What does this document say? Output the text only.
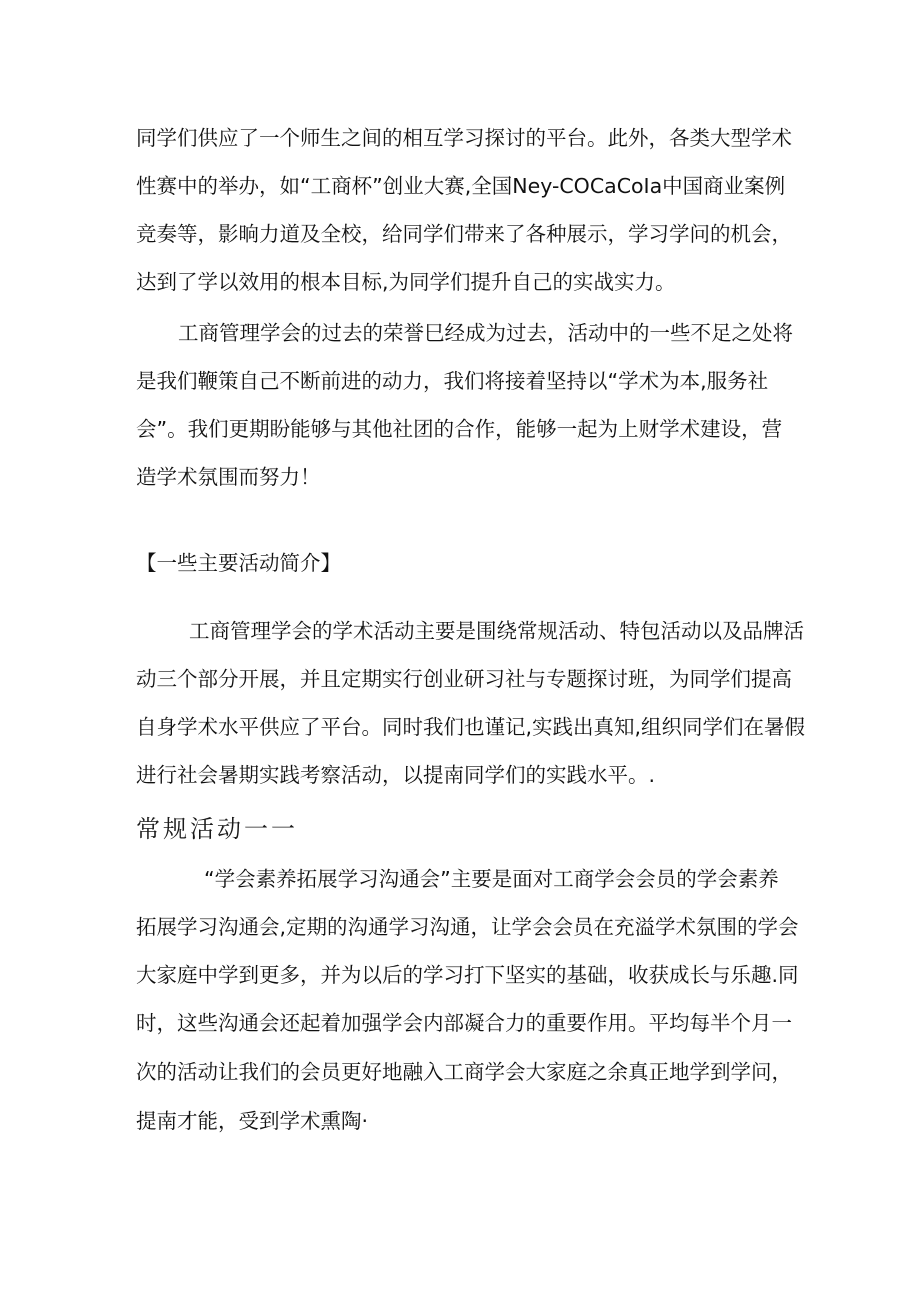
同学们供应了一个师生之间的相互学习探讨的平台。此外，各类大型学术
性赛中的举办，如“工商杯”创业大赛,全国Ney-COCaCoIa中国商业案例
竞奏等，影晌力道及全校，给同学们带来了各种展示，学习学问的机会，
达到了学以效用的根本目标,为同学们提升自己的实战实力。
工商管理学会的过去的荣誉巳经成为过去，活动中的一些不足之处将
是我们鞭策自己不断前进的动力，我们将接着坚持以“学术为本,服务社
会”。我们更期盼能够与其他社团的合作，能够一起为上财学术建设，营
造学术氛围而努力！
【一些主要活动简介】
工商管理学会的学术活动主要是围绕常规活动、特包活动以及品牌活
动三个部分开展，并且定期实行创业研习社与专题探讨班，为同学们提高
自身学术水平供应了平台。同时我们也谨记,实践出真知,组织同学们在暑假
进行社会暑期实践考察活动，以提南同学们的实践水平。.
常规活动一一
“学会素养拓展学习沟通会”主要是面对工商学会会员的学会素养
拓展学习沟通会,定期的沟通学习沟通，让学会会员在充溢学术氛围的学会
大家庭中学到更多，并为以后的学习打下坚实的基础，收获成长与乐趣.同
时，这些沟通会还起着加强学会内部凝合力的重要作用。平均每半个月一
次的活动让我们的会员更好地融入工商学会大家庭之余真正地学到学问，
提南才能，受到学术熏陶·
